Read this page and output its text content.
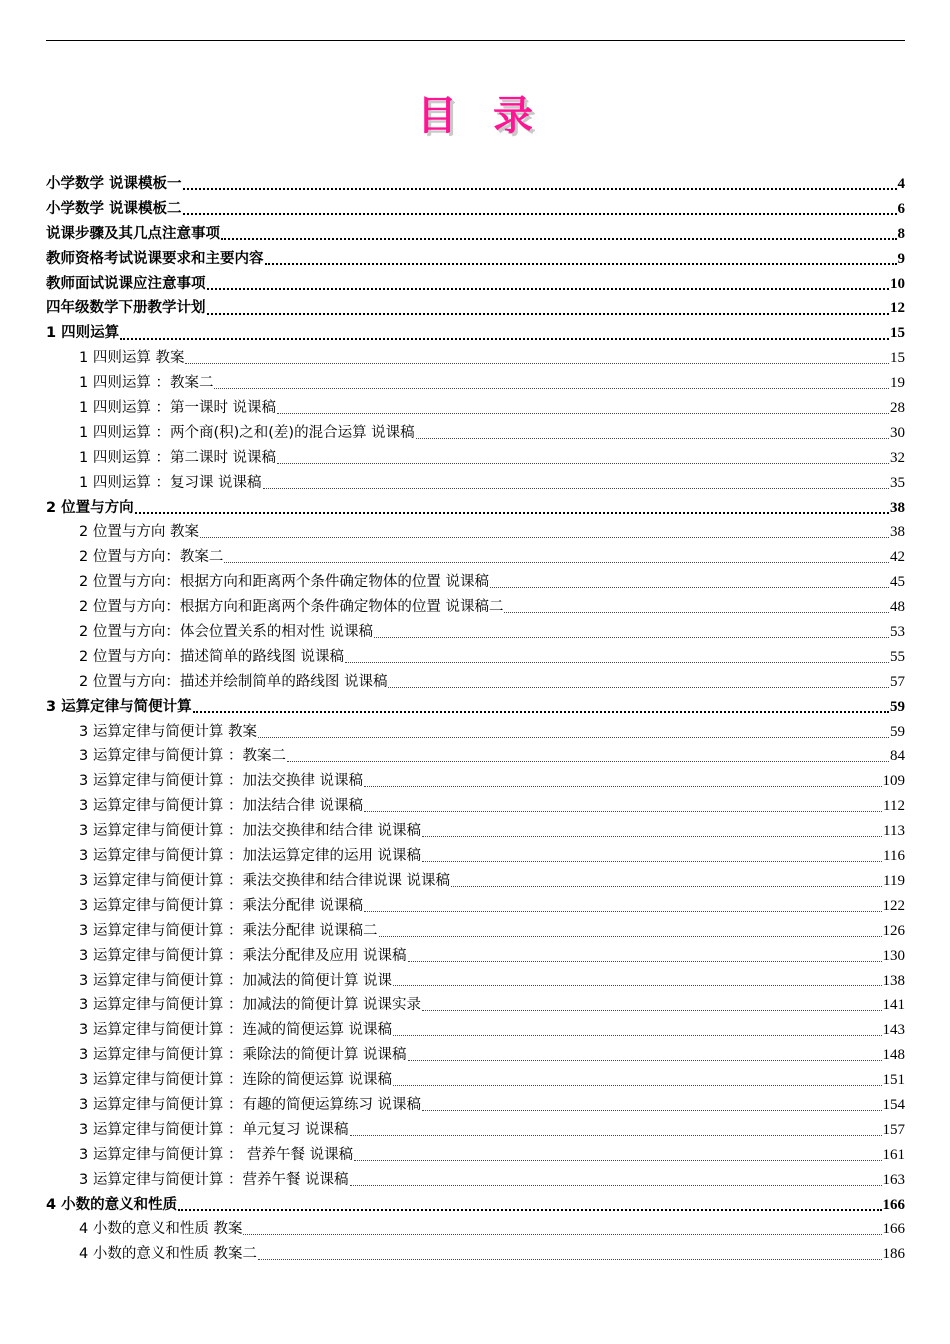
目录
小学数学 说课模板一	4
小学数学 说课模板二	6
说课步骤及其几点注意事项	8
教师资格考试说课要求和主要内容	9
教师面试说课应注意事项	10
四年级数学下册教学计划	12
1 四则运算	15
1 四则运算 教案	15
1 四则运算 ：教案二	19
1 四则运算 ：第一课时 说课稿	28
1 四则运算 ：两个商(积)之和(差)的混合运算 说课稿	30
1 四则运算 ：第二课时 说课稿	32
1 四则运算 ：复习课 说课稿	35
2 位置与方向	38
2 位置与方向 教案	38
2 位置与方向：教案二	42
2 位置与方向：根据方向和距离两个条件确定物体的位置 说课稿	45
2 位置与方向：根据方向和距离两个条件确定物体的位置 说课稿二	48
2 位置与方向：体会位置关系的相对性 说课稿	53
2 位置与方向：描述简单的路线图 说课稿	55
2 位置与方向：描述并绘制简单的路线图 说课稿	57
3 运算定律与简便计算	59
3 运算定律与简便计算 教案	59
3 运算定律与简便计算 ：教案二	84
3 运算定律与简便计算 ：加法交换律 说课稿	109
3 运算定律与简便计算 ：加法结合律 说课稿	112
3 运算定律与简便计算 ：加法交换律和结合律 说课稿	113
3 运算定律与简便计算 ：加法运算定律的运用 说课稿	116
3 运算定律与简便计算 ：乘法交换律和结合律说课 说课稿	119
3 运算定律与简便计算 ：乘法分配律 说课稿	122
3 运算定律与简便计算 ：乘法分配律 说课稿二	126
3 运算定律与简便计算 ：乘法分配律及应用 说课稿	130
3 运算定律与简便计算 ：加减法的简便计算 说课	138
3 运算定律与简便计算 ：加减法的简便计算 说课实录	141
3 运算定律与简便计算 ：连减的简便运算 说课稿	143
3 运算定律与简便计算 ：乘除法的简便计算 说课稿	148
3 运算定律与简便计算 ：连除的简便运算 说课稿	151
3 运算定律与简便计算 ：有趣的简便运算练习 说课稿	154
3 运算定律与简便计算 ：单元复习 说课稿	157
3 运算定律与简便计算 ： 营养午餐 说课稿	161
3 运算定律与简便计算 ：营养午餐 说课稿	163
4 小数的意义和性质	166
4 小数的意义和性质 教案	166
4 小数的意义和性质 教案二	186
